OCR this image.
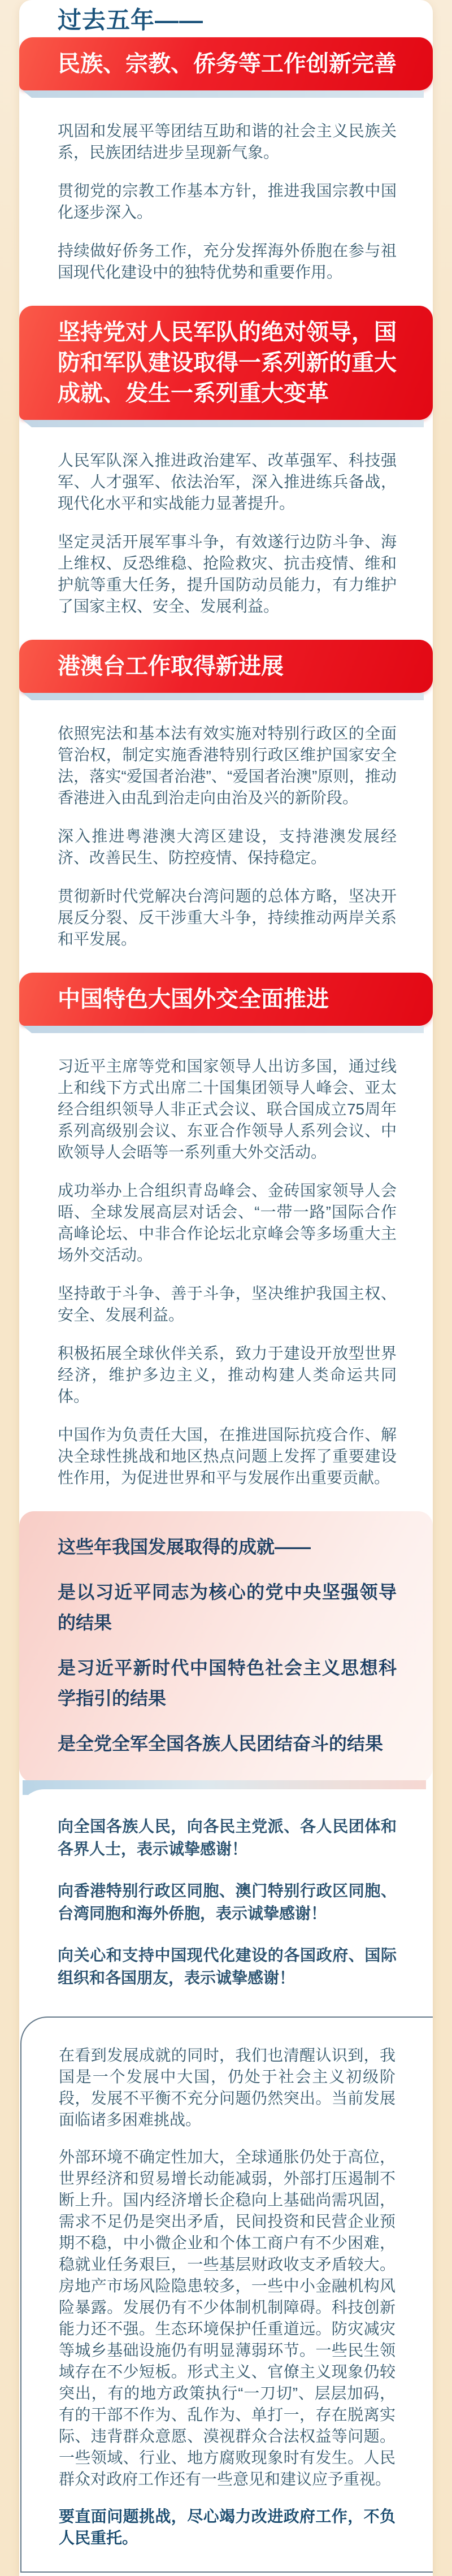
过去五年——
民族、宗教、侨务等工作创新完善

巩固和发展平等团结互助和谐的社会主义民族关系，民族团结进步呈现新气象。

贯彻党的宗教工作基本方针，推进我国宗教中国化逐步深入。

持续做好侨务工作，充分发挥海外侨胞在参与祖国现代化建设中的独特优势和重要作用。

坚持党对人民军队的绝对领导，国防和军队建设取得一系列新的重大成就、发生一系列重大变革

人民军队深入推进政治建军、改革强军、科技强军、人才强军、依法治军，深入推进练兵备战，现代化水平和实战能力显著提升。

坚定灵活开展军事斗争，有效遂行边防斗争、海上维权、反恐维稳、抢险救灾、抗击疫情、维和护航等重大任务，提升国防动员能力，有力维护了国家主权、安全、发展利益。

港澳台工作取得新进展

依照宪法和基本法有效实施对特别行政区的全面管治权，制定实施香港特别行政区维护国家安全法，落实“爱国者治港”、“爱国者治澳”原则，推动香港进入由乱到治走向由治及兴的新阶段。

深入推进粤港澳大湾区建设，支持港澳发展经济、改善民生、防控疫情、保持稳定。

贯彻新时代党解决台湾问题的总体方略，坚决开展反分裂、反干涉重大斗争，持续推动两岸关系和平发展。

中国特色大国外交全面推进

习近平主席等党和国家领导人出访多国，通过线上和线下方式出席二十国集团领导人峰会、亚太经合组织领导人非正式会议、联合国成立75周年系列高级别会议、东亚合作领导人系列会议、中欧领导人会晤等一系列重大外交活动。

成功举办上合组织青岛峰会、金砖国家领导人会晤、全球发展高层对话会、“一带一路”国际合作高峰论坛、中非合作论坛北京峰会等多场重大主场外交活动。

坚持敢于斗争、善于斗争，坚决维护我国主权、安全、发展利益。

积极拓展全球伙伴关系，致力于建设开放型世界经济，维护多边主义，推动构建人类命运共同体。

中国作为负责任大国，在推进国际抗疫合作、解决全球性挑战和地区热点问题上发挥了重要建设性作用，为促进世界和平与发展作出重要贡献。

这些年我国发展取得的成就——

是以习近平同志为核心的党中央坚强领导的结果

是习近平新时代中国特色社会主义思想科学指引的结果

是全党全军全国各族人民团结奋斗的结果

向全国各族人民，向各民主党派、各人民团体和各界人士，表示诚挚感谢！

向香港特别行政区同胞、澳门特别行政区同胞、台湾同胞和海外侨胞，表示诚挚感谢！

向关心和支持中国现代化建设的各国政府、国际组织和各国朋友，表示诚挚感谢！

在看到发展成就的同时，我们也清醒认识到，我国是一个发展中大国，仍处于社会主义初级阶段，发展不平衡不充分问题仍然突出。当前发展面临诸多困难挑战。

外部环境不确定性加大，全球通胀仍处于高位，世界经济和贸易增长动能减弱，外部打压遏制不断上升。国内经济增长企稳向上基础尚需巩固，需求不足仍是突出矛盾，民间投资和民营企业预期不稳，中小微企业和个体工商户有不少困难，稳就业任务艰巨，一些基层财政收支矛盾较大。房地产市场风险隐患较多，一些中小金融机构风险暴露。发展仍有不少体制机制障碍。科技创新能力还不强。生态环境保护任重道远。防灾减灾等城乡基础设施仍有明显薄弱环节。一些民生领域存在不少短板。形式主义、官僚主义现象仍较突出，有的地方政策执行“一刀切”、层层加码，有的干部不作为、乱作为、单打一，存在脱离实际、违背群众意愿、漠视群众合法权益等问题。一些领域、行业、地方腐败现象时有发生。人民群众对政府工作还有一些意见和建议应予重视。

要直面问题挑战，尽心竭力改进政府工作，不负人民重托。
